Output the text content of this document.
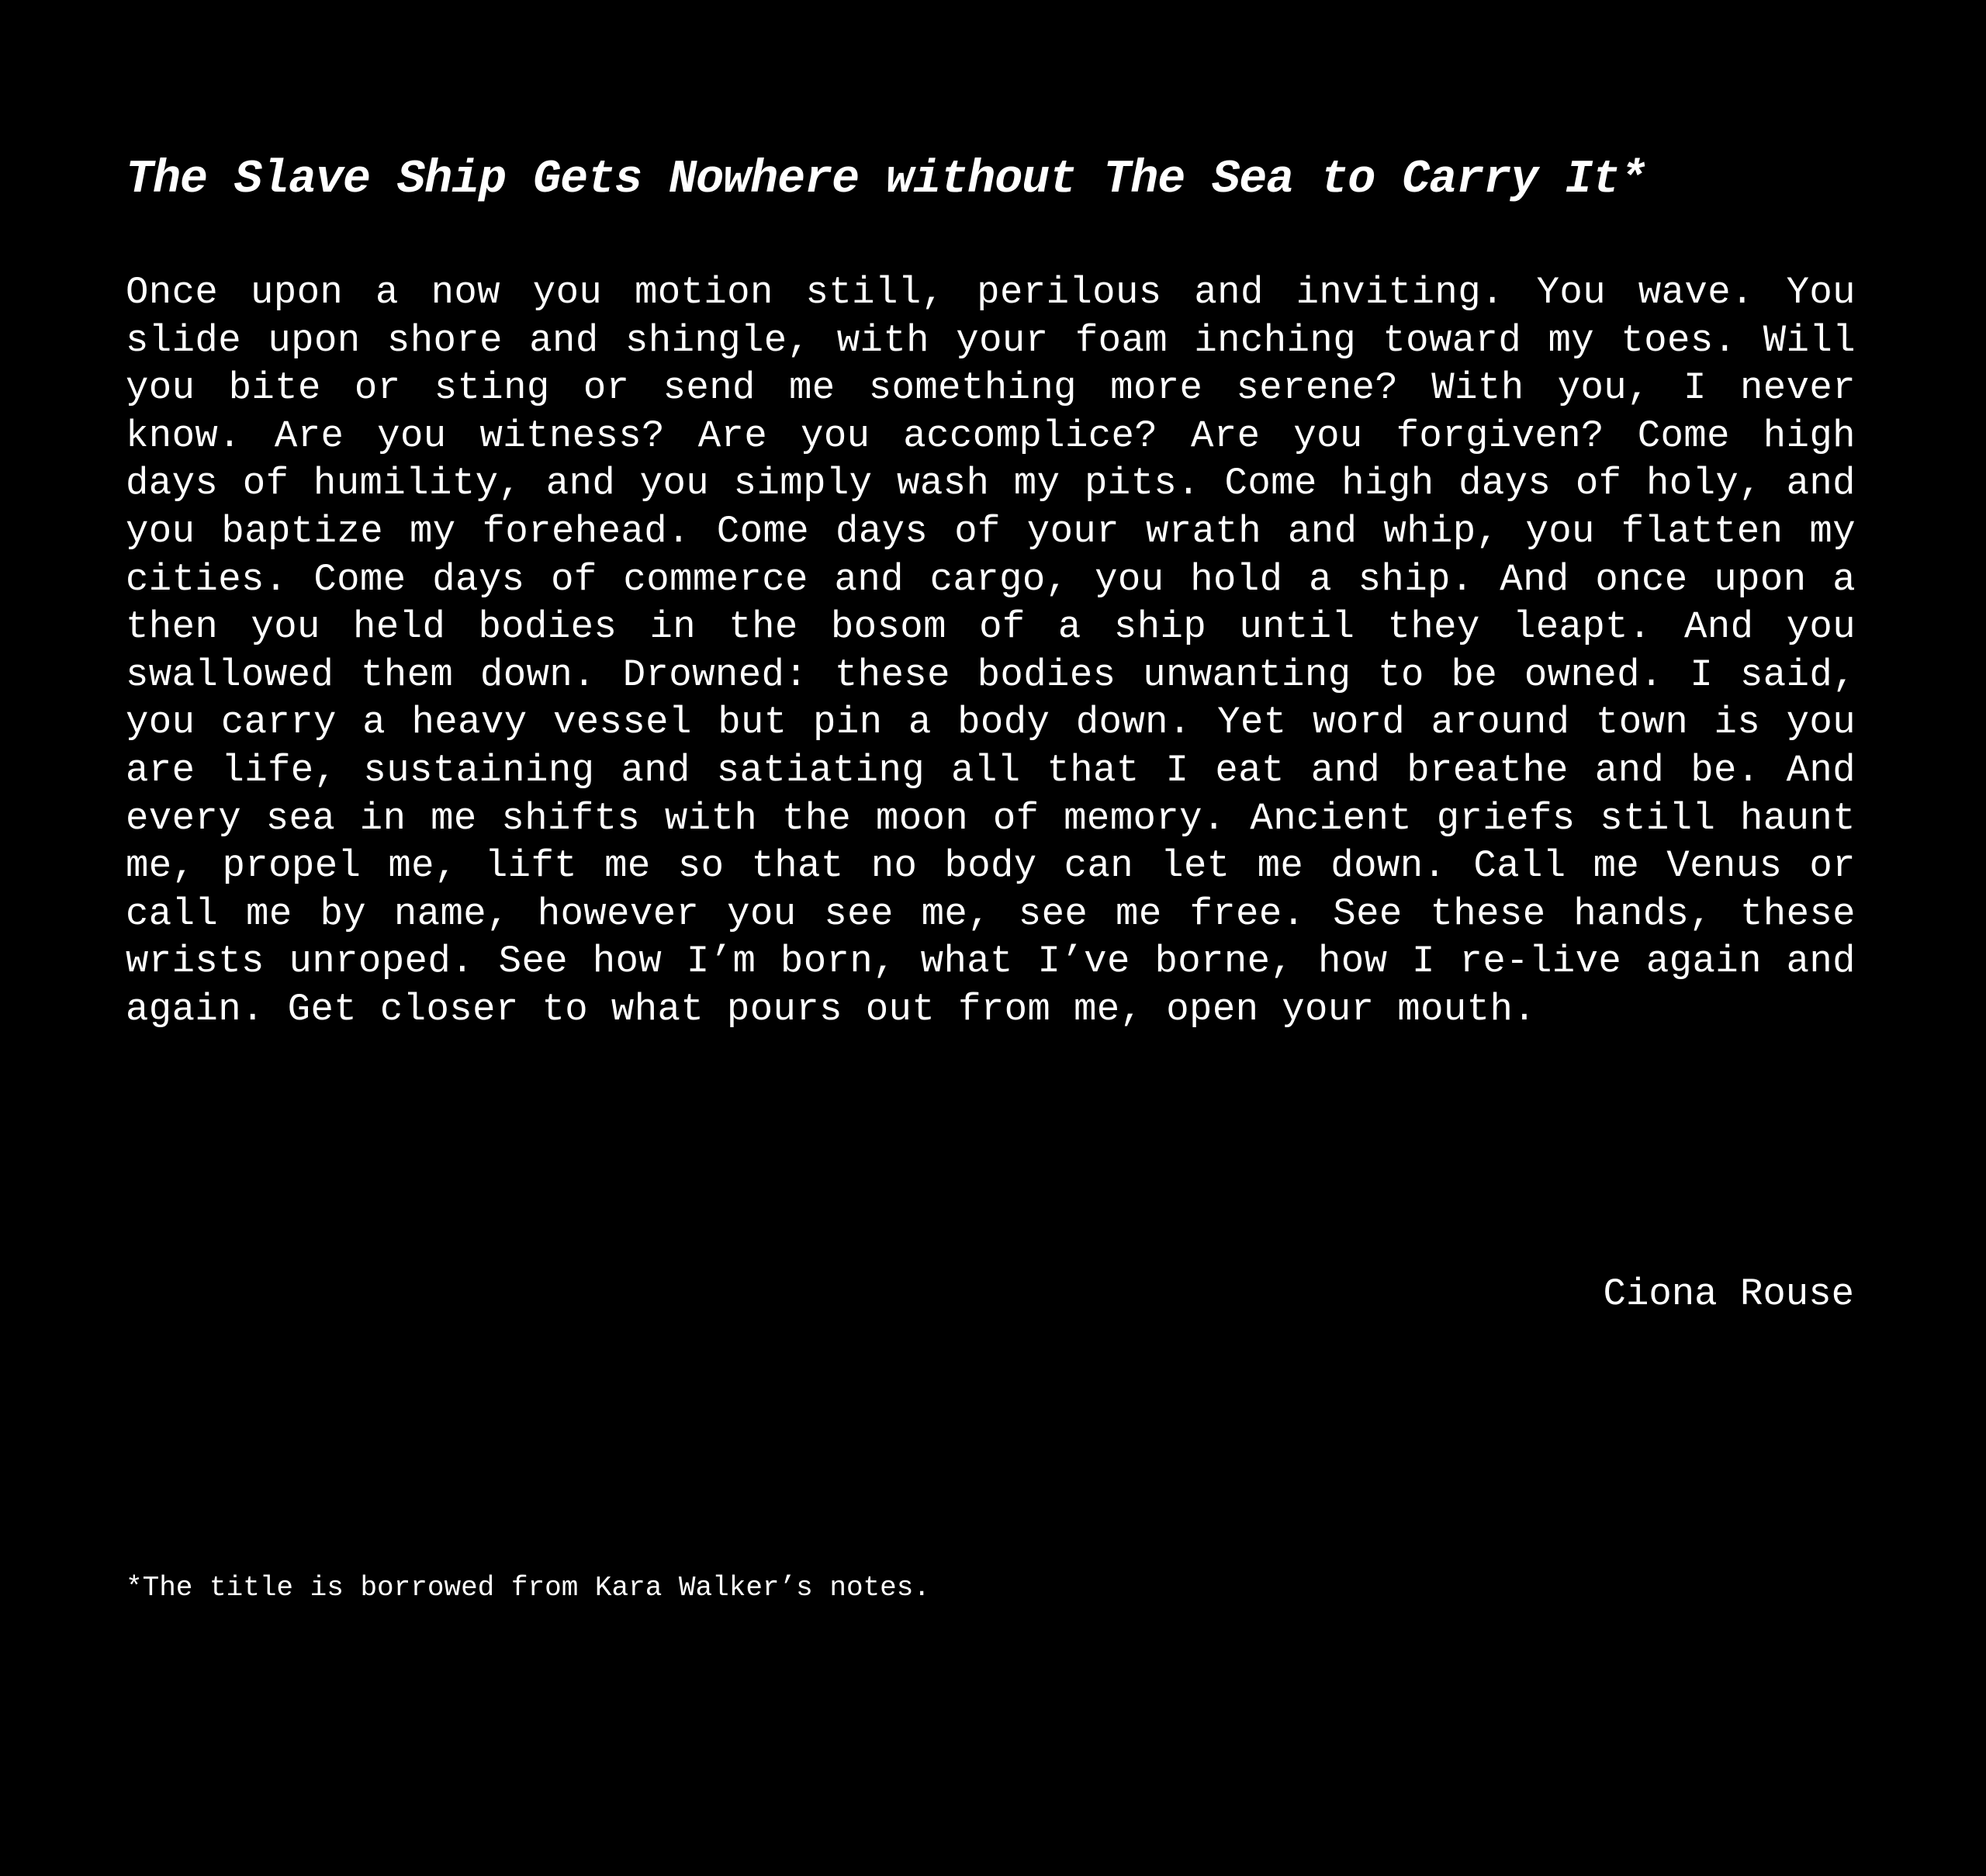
The Slave Ship Gets Nowhere without The Sea to Carry It*

Once upon a now you motion still, perilous and inviting. You wave. You slide upon shore and shingle, with your foam inching toward my toes. Will you bite or sting or send me something more serene? With you, I never know. Are you witness? Are you accomplice? Are you forgiven? Come high days of humility, and you simply wash my pits. Come high days of holy, and you baptize my forehead. Come days of your wrath and whip, you flatten my cities. Come days of commerce and cargo, you hold a ship. And once upon a then you held bodies in the bosom of a ship until they leapt. And you swallowed them down. Drowned: these bodies unwanting to be owned. I said, you carry a heavy vessel but pin a body down. Yet word around town is you are life, sustaining and satiating all that I eat and breathe and be. And every sea in me shifts with the moon of memory. Ancient griefs still haunt me, propel me, lift me so that no body can let me down. Call me Venus or call me by name, however you see me, see me free. See these hands, these wrists unroped. See how I’m born, what I’ve borne, how I re-live again and again. Get closer to what pours out from me, open your mouth.

Ciona Rouse

*The title is borrowed from Kara Walker’s notes.
